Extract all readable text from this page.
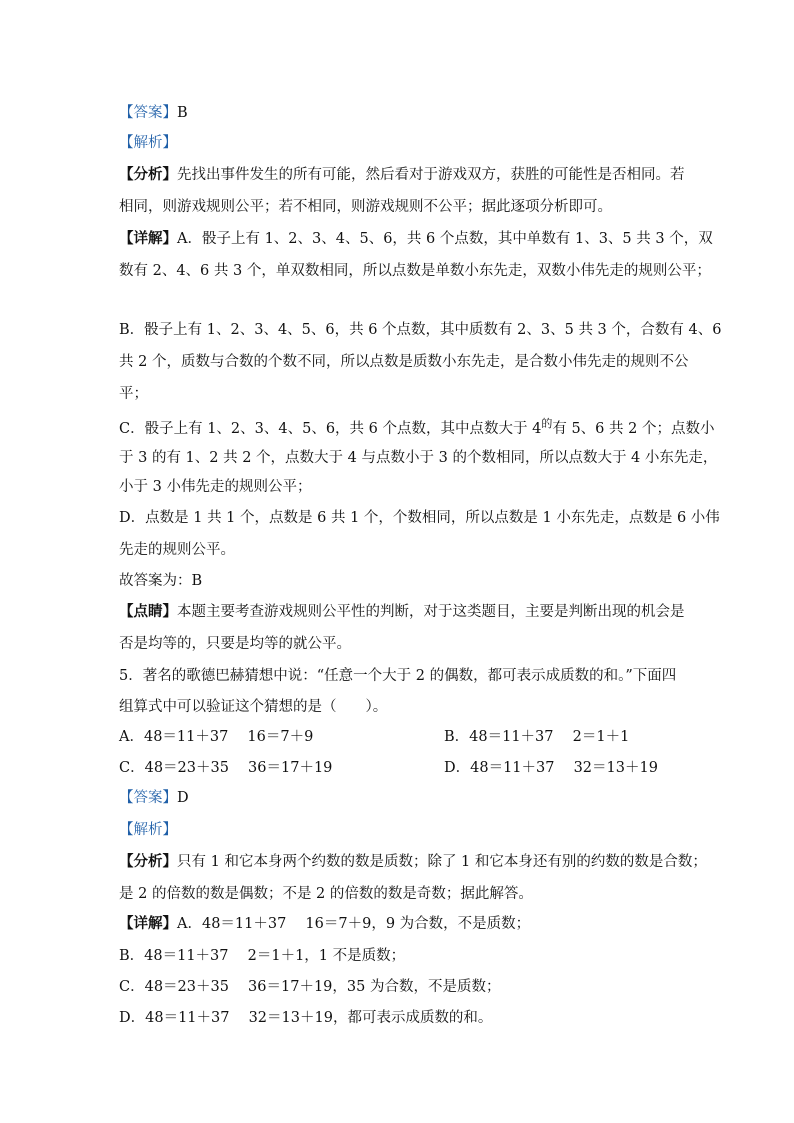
【答案】B
【解析】
【分析】先找出事件发生的所有可能，然后看对于游戏双方，获胜的可能性是否相同。若
相同，则游戏规则公平；若不相同，则游戏规则不公平；据此逐项分析即可。
【详解】A．骰子上有 1、2、3、4、5、6，共 6 个点数，其中单数有 1、3、5 共 3 个，双
数有 2、4、6 共 3 个，单双数相同，所以点数是单数小东先走，双数小伟先走的规则公平；
B．骰子上有 1、2、3、4、5、6，共 6 个点数，其中质数有 2、3、5 共 3 个，合数有 4、6
共 2 个，质数与合数的个数不同，所以点数是质数小东先走，是合数小伟先走的规则不公
平；
C．骰子上有 1、2、3、4、5、6，共 6 个点数，其中点数大于 $4^的$有 5、6 共 2 个；点数小
于 3 的有 1、2 共 2 个，点数大于 4 与点数小于 3 的个数相同，所以点数大于 4 小东先走，
小于 3 小伟先走的规则公平；
D．点数是 1 共 1 个，点数是 6 共 1 个，个数相同，所以点数是 1 小东先走，点数是 6 小伟
先走的规则公平。
故答案为：B
【点睛】本题主要考查游戏规则公平性的判断，对于这类题目，主要是判断出现的机会是
否是均等的，只要是均等的就公平。
5．著名的歌德巴赫猜想中说：“任意一个大于 2 的偶数，都可表示成质数的和。”下面四
组算式中可以验证这个猜想的是（　　）。
A．48＝11＋37　 16＝7＋9	B．48＝11＋37　 2＝1＋1
C．48＝23＋35　 36＝17＋19	D．48＝11＋37　 32＝13＋19
【答案】D
【解析】
【分析】只有 1 和它本身两个约数的数是质数；除了 1 和它本身还有别的约数的数是合数；
是 2 的倍数的数是偶数；不是 2 的倍数的数是奇数；据此解答。
【详解】A．48＝11＋37　 16＝7＋9，9 为合数，不是质数；
B．48＝11＋37　 2＝1＋1，1 不是质数；
C．48＝23＋35　 36＝17＋19，35 为合数，不是质数；
D．48＝11＋37　 32＝13＋19，都可表示成质数的和。
